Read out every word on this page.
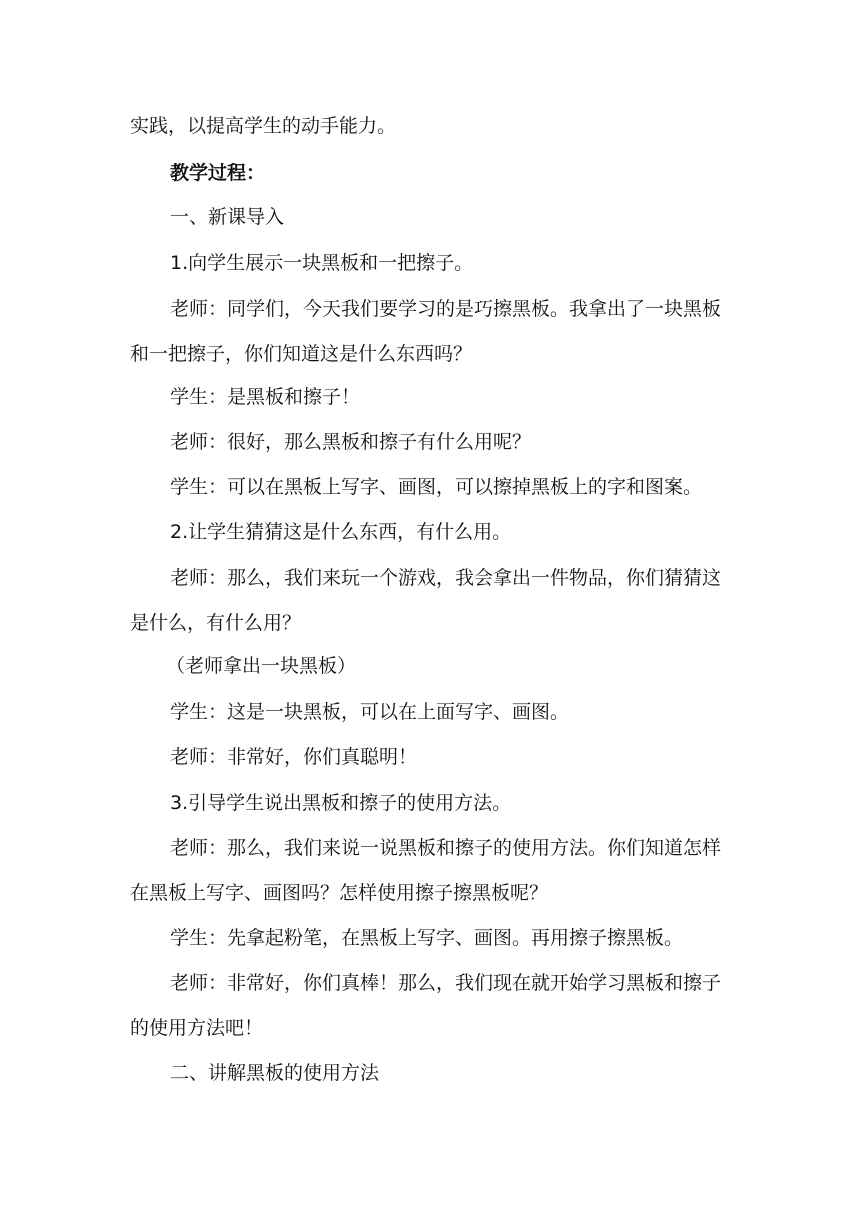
实践，以提高学生的动手能力。

教学过程：

一、新课导入

1.向学生展示一块黑板和一把擦子。

老师：同学们，今天我们要学习的是巧擦黑板。我拿出了一块黑板和一把擦子，你们知道这是什么东西吗？

学生：是黑板和擦子！

老师：很好，那么黑板和擦子有什么用呢？

学生：可以在黑板上写字、画图，可以擦掉黑板上的字和图案。

2.让学生猜猜这是什么东西，有什么用。

老师：那么，我们来玩一个游戏，我会拿出一件物品，你们猜猜这是什么，有什么用？

（老师拿出一块黑板）

学生：这是一块黑板，可以在上面写字、画图。

老师：非常好，你们真聪明！

3.引导学生说出黑板和擦子的使用方法。

老师：那么，我们来说一说黑板和擦子的使用方法。你们知道怎样在黑板上写字、画图吗？怎样使用擦子擦黑板呢？

学生：先拿起粉笔，在黑板上写字、画图。再用擦子擦黑板。

老师：非常好，你们真棒！那么，我们现在就开始学习黑板和擦子的使用方法吧！

二、讲解黑板的使用方法
